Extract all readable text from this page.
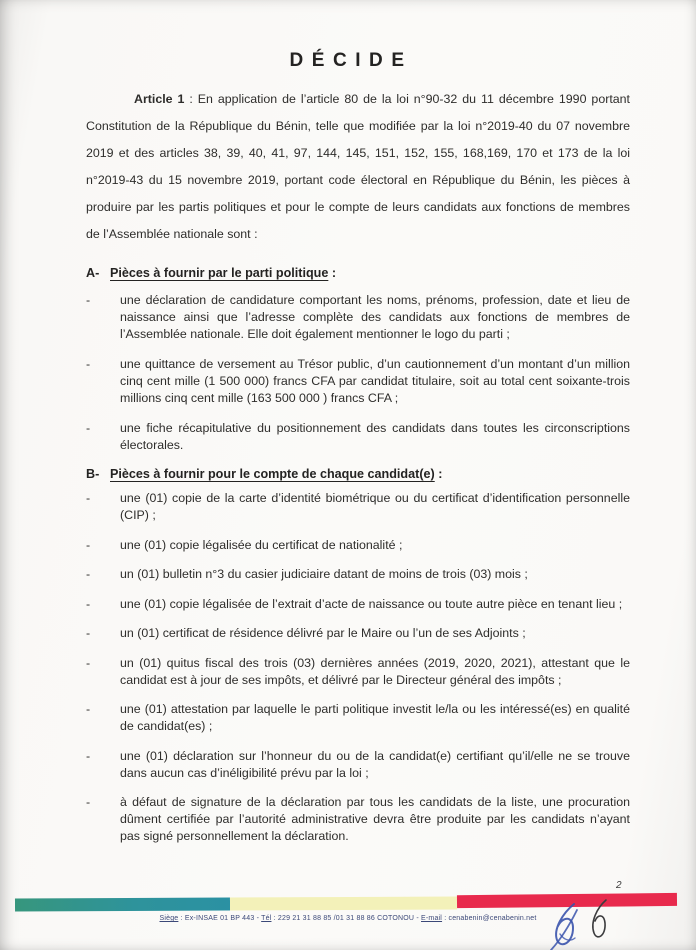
DÉCIDE

Article 1 : En application de l’article 80 de la loi n°90-32 du 11 décembre 1990 portant Constitution de la République du Bénin, telle que modifiée par la loi n°2019-40 du 07 novembre 2019 et des articles 38, 39, 40, 41, 97, 144, 145, 151, 152, 155, 168,169, 170 et 173 de la loi n°2019-43 du 15 novembre 2019, portant code électoral en République du Bénin, les pièces à produire par les partis politiques et pour le compte de leurs candidats aux fonctions de membres de l’Assemblée nationale sont :

A- Pièces à fournir par le parti politique :
-	une déclaration de candidature comportant les noms, prénoms, profession, date et lieu de naissance ainsi que l’adresse complète des candidats aux fonctions de membres de l’Assemblée nationale. Elle doit également mentionner le logo du parti ;
-	une quittance de versement au Trésor public, d’un cautionnement d’un montant d’un million cinq cent mille (1 500 000) francs CFA par candidat titulaire, soit au total cent soixante-trois millions cinq cent mille (163 500 000 ) francs CFA ;
-	une fiche récapitulative du positionnement des candidats dans toutes les circonscriptions électorales.
B- Pièces à fournir pour le compte de chaque candidat(e) :
-	une (01) copie de la carte d’identité biométrique ou du certificat d’identification personnelle (CIP) ;
-	une (01) copie légalisée du certificat de nationalité ;
-	un (01) bulletin n°3 du casier judiciaire datant de moins de trois (03) mois ;
-	une (01) copie légalisée de l’extrait d’acte de naissance ou toute autre pièce en tenant lieu ;
-	un (01) certificat de résidence délivré par le Maire ou l’un de ses Adjoints ;
-	un (01) quitus fiscal des trois (03) dernières années (2019, 2020, 2021), attestant que le candidat est à jour de ses impôts, et délivré par le Directeur général des impôts ;
-	une (01) attestation par laquelle le parti politique investit le/la ou les intéressé(es) en qualité de candidat(es) ;
-	une (01) déclaration sur l’honneur du ou de la candidat(e) certifiant qu’il/elle ne se trouve dans aucun cas d’inéligibilité prévu par la loi ;
-	à défaut de signature de la déclaration par tous les candidats de la liste, une procuration dûment certifiée par l’autorité administrative devra être produite par les candidats n’ayant pas signé personnellement la déclaration.
Siège : Ex-INSAE 01 BP 443 - Tél : 229 21 31 88 85 /01 31 88 86 COTONOU - E-mail : cenabenin@cenabenin.net
2
